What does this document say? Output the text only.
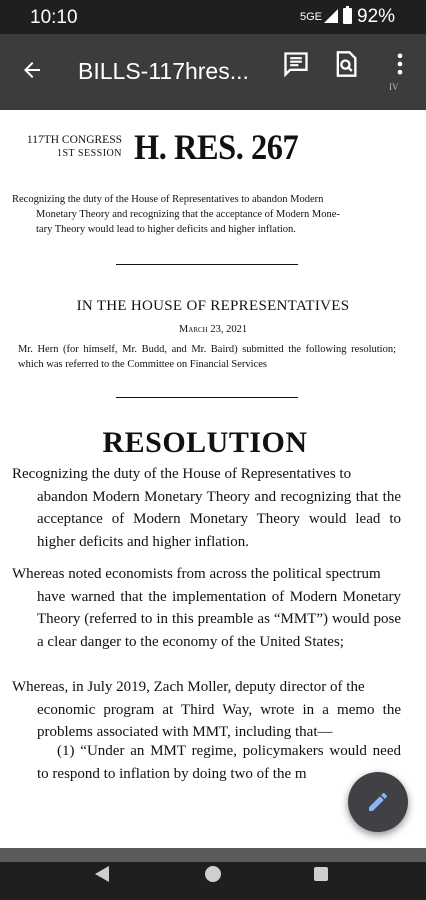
10:10	5GE 92%
BILLS-117hres...
IV
117TH CONGRESS
1ST SESSION H. RES. 267
Recognizing the duty of the House of Representatives to abandon Modern
Monetary Theory and recognizing that the acceptance of Modern Mone-
tary Theory would lead to higher deficits and higher inflation.
IN THE HOUSE OF REPRESENTATIVES
March 23, 2021
Mr. Hern (for himself, Mr. Budd, and Mr. Baird) submitted the following resolution; which was referred to the Committee on Financial Services
RESOLUTION
Recognizing the duty of the House of Representatives to
abandon Modern Monetary Theory and recognizing that the acceptance of Modern Monetary Theory would lead to higher deficits and higher inflation.
Whereas noted economists from across the political spectrum
have warned that the implementation of Modern Monetary Theory (referred to in this preamble as “MMT”) would pose a clear danger to the economy of the United States;
Whereas, in July 2019, Zach Moller, deputy director of the
economic program at Third Way, wrote in a memo the problems associated with MMT, including that—
(1) “Under an MMT regime, policymakers would need to respond to inflation by doing two of the m
